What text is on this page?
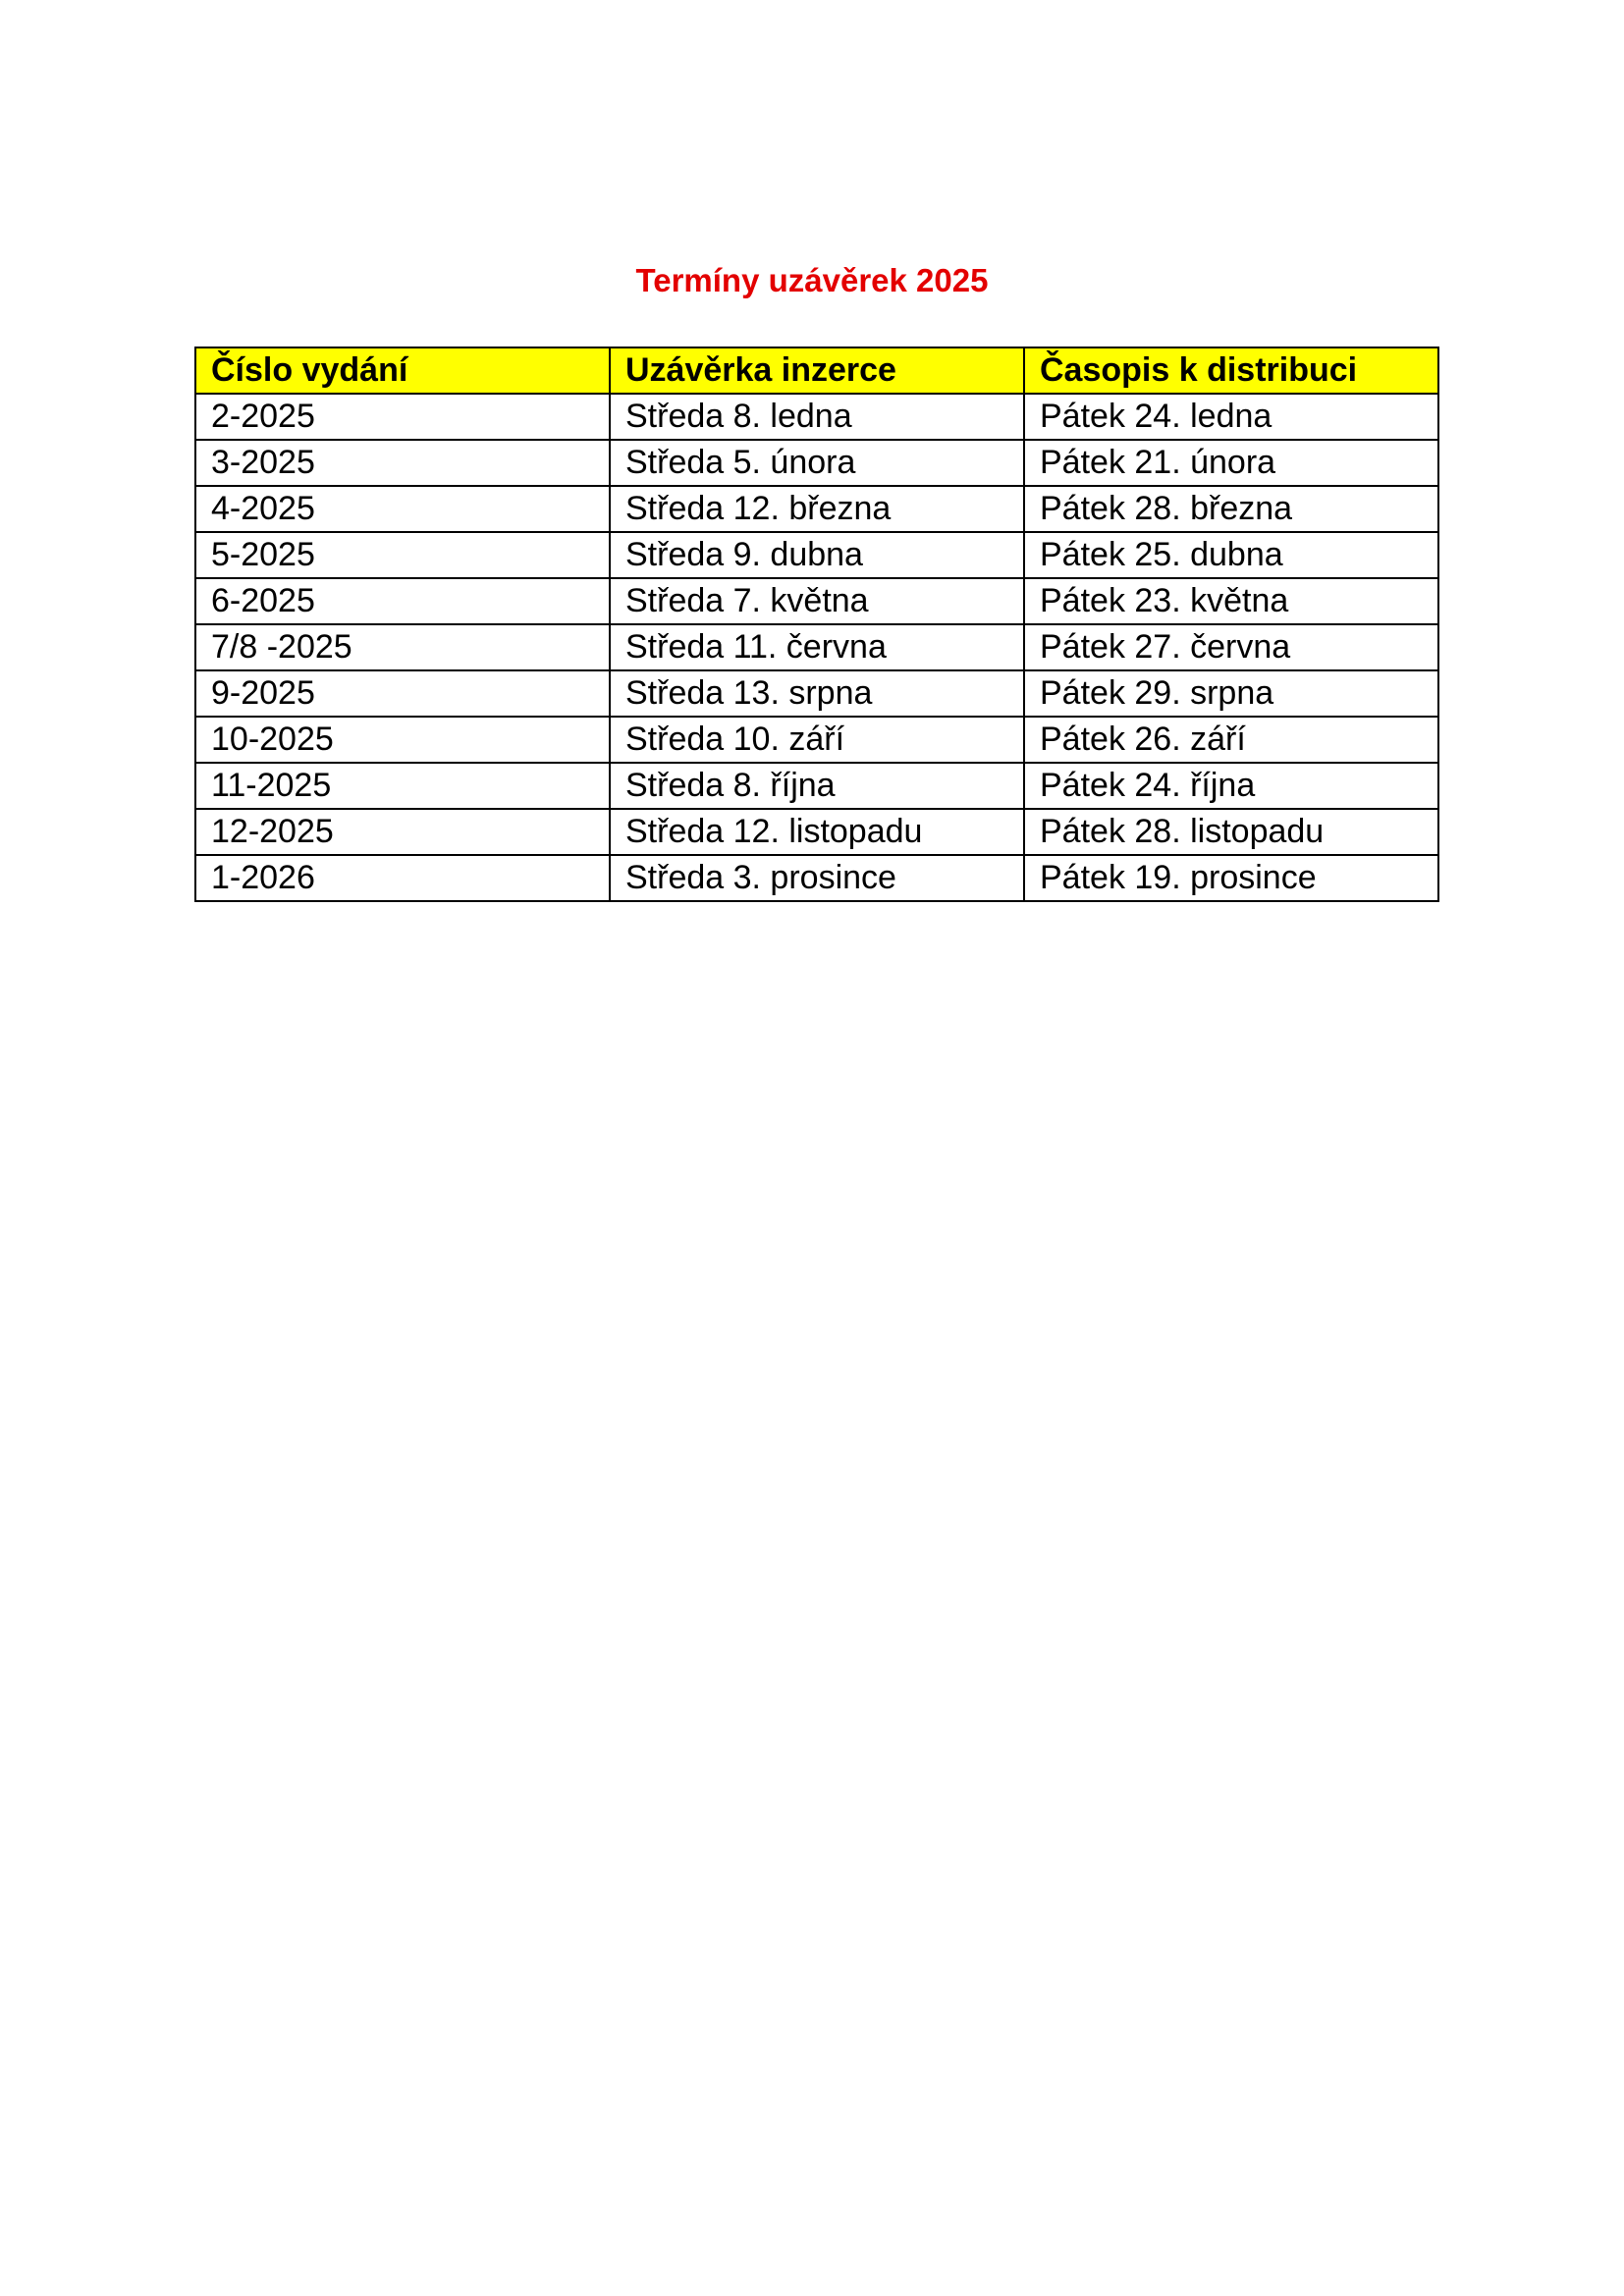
Termíny uzávěrek 2025
Číslo vydání	Uzávěrka inzerce	Časopis k distribuci
2-2025	Středa 8. ledna	Pátek 24. ledna
3-2025	Středa 5. února	Pátek 21. února
4-2025	Středa 12. března	Pátek 28. března
5-2025	Středa 9. dubna	Pátek 25. dubna
6-2025	Středa 7. května	Pátek 23. května
7/8 -2025	Středa 11. června	Pátek 27. června
9-2025	Středa 13. srpna	Pátek 29. srpna
10-2025	Středa 10. září	Pátek 26. září
11-2025	Středa 8. října	Pátek 24. října
12-2025	Středa 12. listopadu	Pátek 28. listopadu
1-2026	Středa 3. prosince	Pátek 19. prosince
